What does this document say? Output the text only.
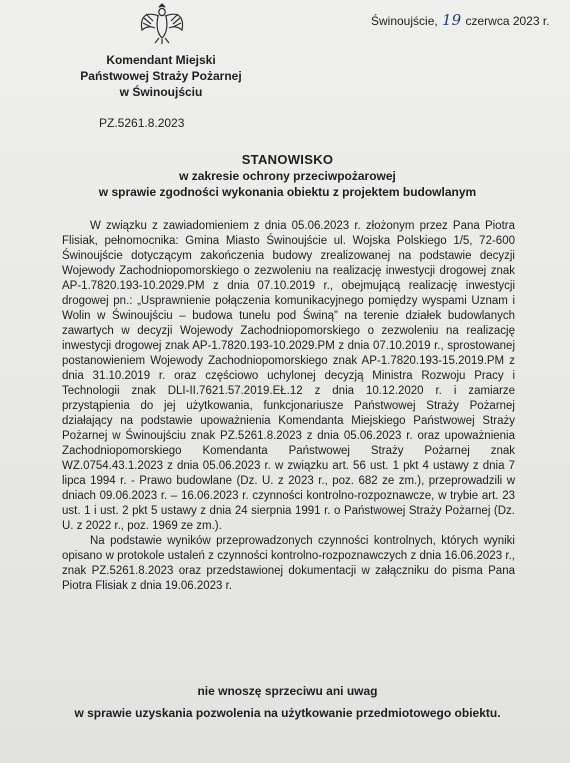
Świnoujście, 19 czerwca 2023 r.
Komendant Miejski
Państwowej Straży Pożarnej
w Świnoujściu
PZ.5261.8.2023
STANOWISKO
w zakresie ochrony przeciwpożarowej
w sprawie zgodności wykonania obiektu z projektem budowlanym

W związku z zawiadomieniem z dnia 05.06.2023 r. złożonym przez Pana Piotra Flisiak, pełnomocnika: Gmina Miasto Świnoujście ul. Wojska Polskiego 1/5, 72-600 Świnoujście dotyczącym zakończenia budowy zrealizowanej na podstawie decyzji Wojewody Zachodniopomorskiego o zezwoleniu na realizację inwestycji drogowej znak AP-1.7820.193-10.2029.PM z dnia 07.10.2019 r., obejmującą realizację inwestycji drogowej pn.: „Usprawnienie połączenia komunikacyjnego pomiędzy wyspami Uznam i Wolin w Świnoujściu – budowa tunelu pod Świną” na terenie działek budowlanych zawartych w decyzji Wojewody Zachodniopomorskiego o zezwoleniu na realizację inwestycji drogowej znak AP-1.7820.193-10.2029.PM z dnia 07.10.2019 r., sprostowanej postanowieniem Wojewody Zachodniopomorskiego znak AP-1.7820.193-15.2019.PM z dnia 31.10.2019 r. oraz częściowo uchylonej decyzją Ministra Rozwoju Pracy i Technologii znak DLI-II.7621.57.2019.EŁ.12 z dnia 10.12.2020 r. i zamiarze przystąpienia do jej użytkowania, funkcjonariusze Państwowej Straży Pożarnej działający na podstawie upoważnienia Komendanta Miejskiego Państwowej Straży Pożarnej w Świnoujściu znak PZ.5261.8.2023 z dnia 05.06.2023 r. oraz upoważnienia Zachodniopomorskiego Komendanta Państwowej Straży Pożarnej znak WZ.0754.43.1.2023 z dnia 05.06.2023 r. w związku art. 56 ust. 1 pkt 4 ustawy z dnia 7 lipca 1994 r. - Prawo budowlane (Dz. U. z 2023 r., poz. 682 ze zm.), przeprowadzili w dniach 09.06.2023 r. – 16.06.2023 r. czynności kontrolno-rozpoznawcze, w trybie art. 23 ust. 1 i ust. 2 pkt 5 ustawy z dnia 24 sierpnia 1991 r. o Państwowej Straży Pożarnej (Dz. U. z 2022 r., poz. 1969 ze zm.).

Na podstawie wyników przeprowadzonych czynności kontrolnych, których wyniki opisano w protokole ustaleń z czynności kontrolno-rozpoznawczych z dnia 16.06.2023 r., znak PZ.5261.8.2023 oraz przedstawionej dokumentacji w załączniku do pisma Pana Piotra Flisiak z dnia 19.06.2023 r.

nie wnoszę sprzeciwu ani uwag
w sprawie uzyskania pozwolenia na użytkowanie przedmiotowego obiektu.
